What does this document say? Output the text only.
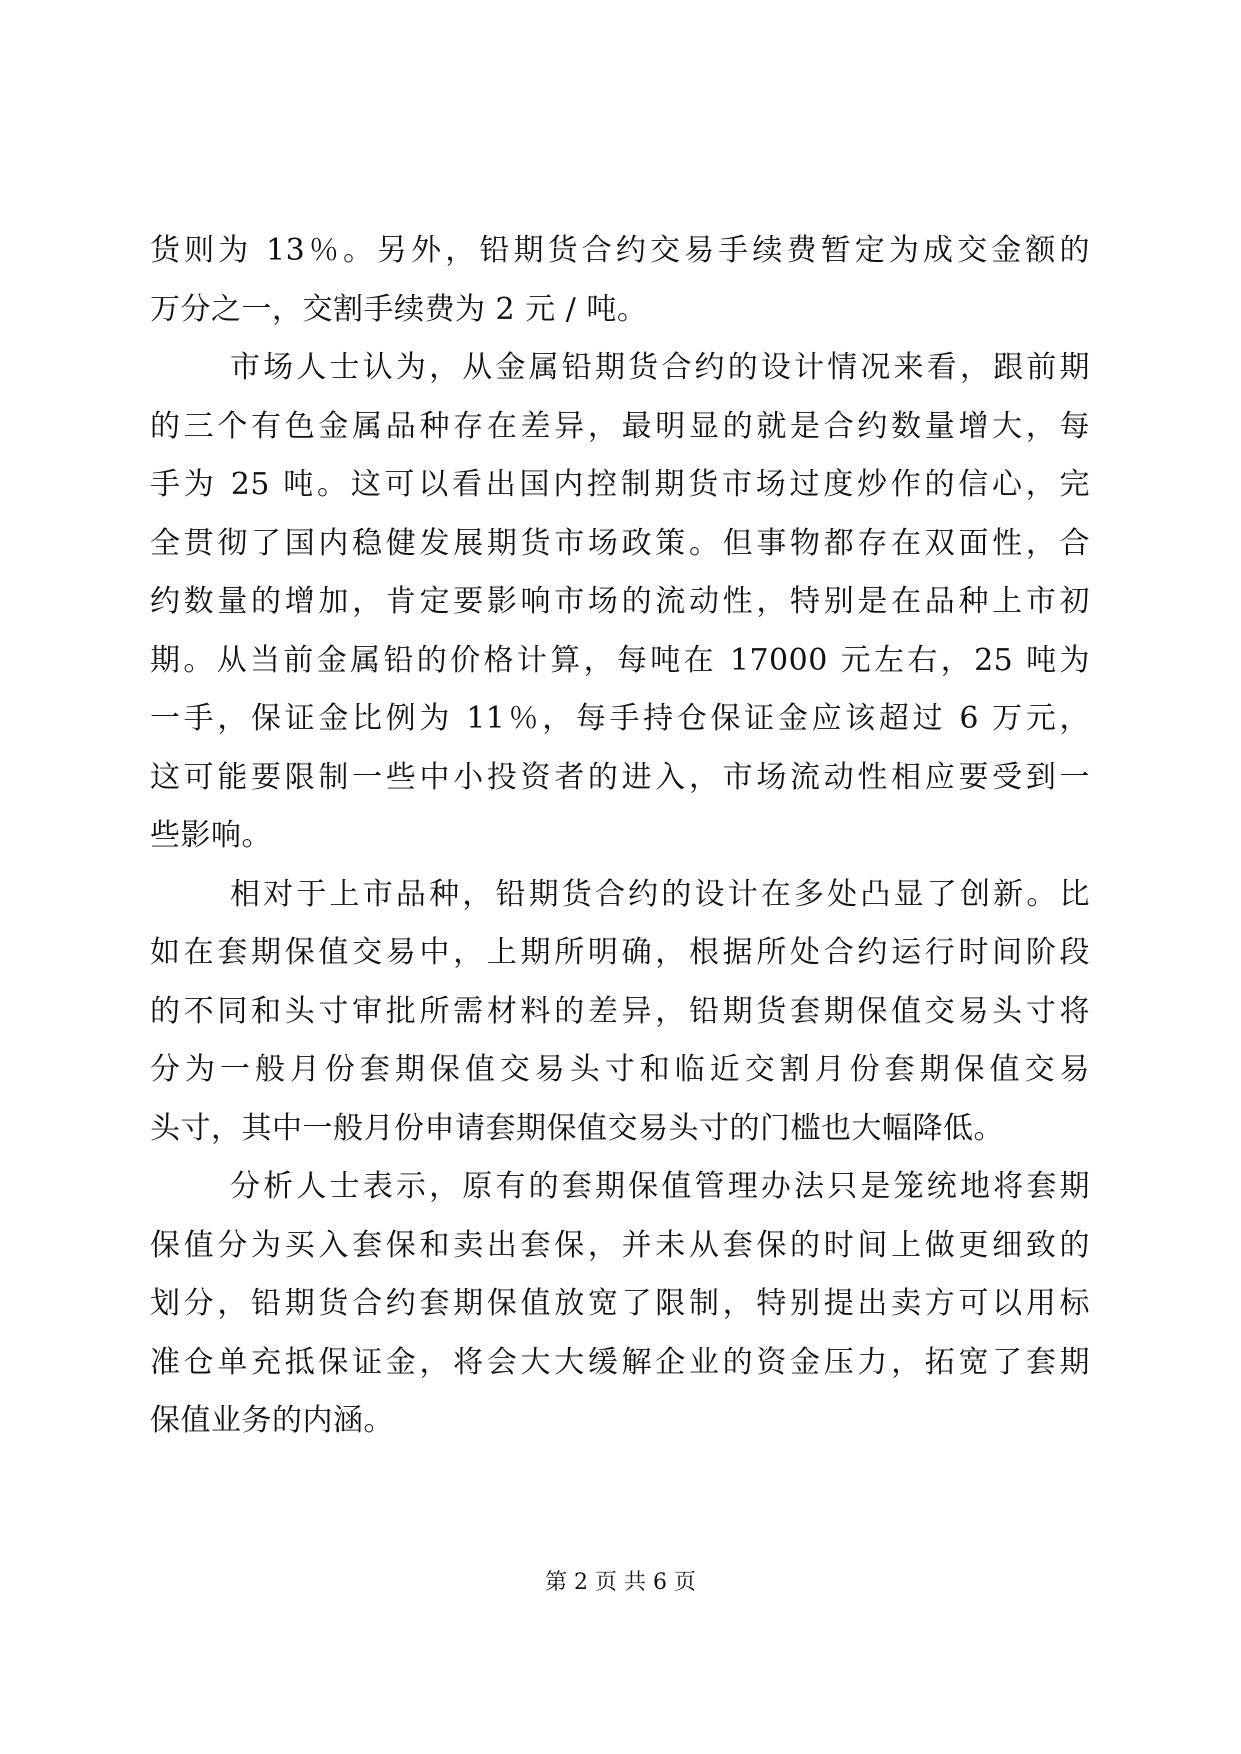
货则为 13％。另外，铅期货合约交易手续费暂定为成交金额的
万分之一，交割手续费为 2 元 / 吨。
市场人士认为，从金属铅期货合约的设计情况来看，跟前期
的三个有色金属品种存在差异，最明显的就是合约数量增大，每
手为 25 吨。这可以看出国内控制期货市场过度炒作的信心，完
全贯彻了国内稳健发展期货市场政策。但事物都存在双面性，合
约数量的增加，肯定要影响市场的流动性，特别是在品种上市初
期。从当前金属铅的价格计算，每吨在 17000 元左右，25 吨为
一手，保证金比例为 11％，每手持仓保证金应该超过 6 万元，
这可能要限制一些中小投资者的进入，市场流动性相应要受到一
些影响。
相对于上市品种，铅期货合约的设计在多处凸显了创新。比
如在套期保值交易中，上期所明确，根据所处合约运行时间阶段
的不同和头寸审批所需材料的差异，铅期货套期保值交易头寸将
分为一般月份套期保值交易头寸和临近交割月份套期保值交易
头寸，其中一般月份申请套期保值交易头寸的门槛也大幅降低。
分析人士表示，原有的套期保值管理办法只是笼统地将套期
保值分为买入套保和卖出套保，并未从套保的时间上做更细致的
划分，铅期货合约套期保值放宽了限制，特别提出卖方可以用标
准仓单充抵保证金，将会大大缓解企业的资金压力，拓宽了套期
保值业务的内涵。
第 2 页 共 6 页
